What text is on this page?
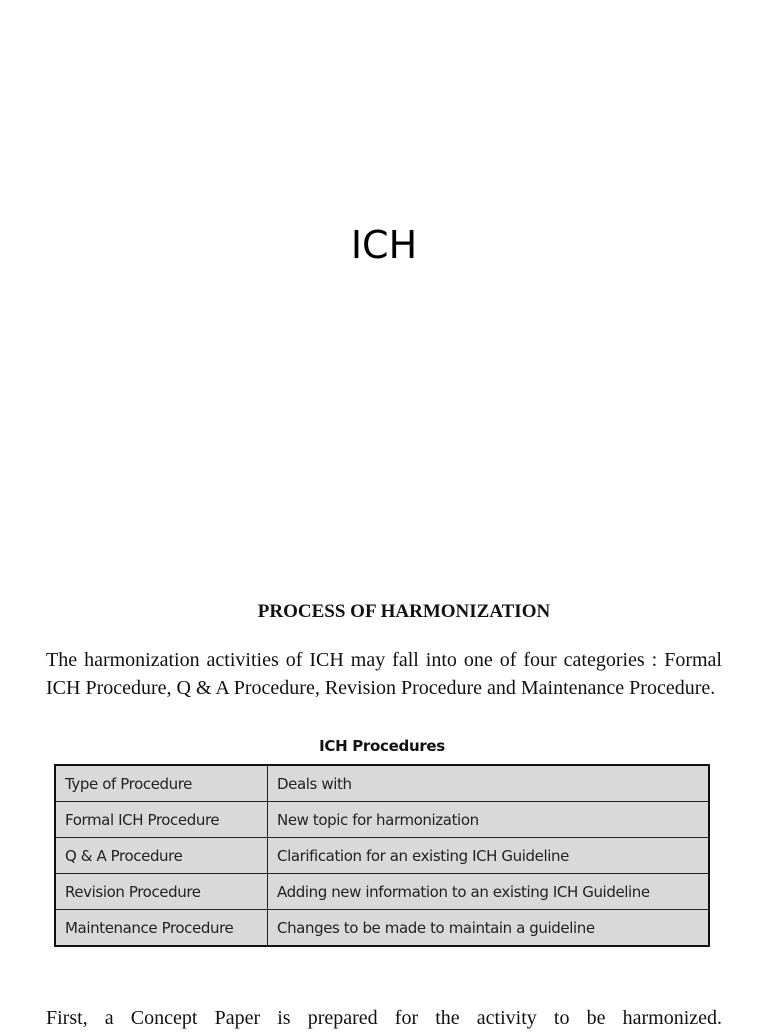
ICH
PROCESS OF HARMONIZATION

The harmonization activities of ICH may fall into one of four categories : Formal ICH Procedure, Q & A Procedure, Revision Procedure and Maintenance Procedure.

ICH Procedures
Type of Procedure	Deals with
Formal ICH Procedure	New topic for harmonization
Q & A Procedure	Clarification for an existing ICH Guideline
Revision Procedure	Adding new information to an existing ICH Guideline
Maintenance Procedure	Changes to be made to maintain a guideline

First, a Concept Paper is prepared for the activity to be harmonized.
